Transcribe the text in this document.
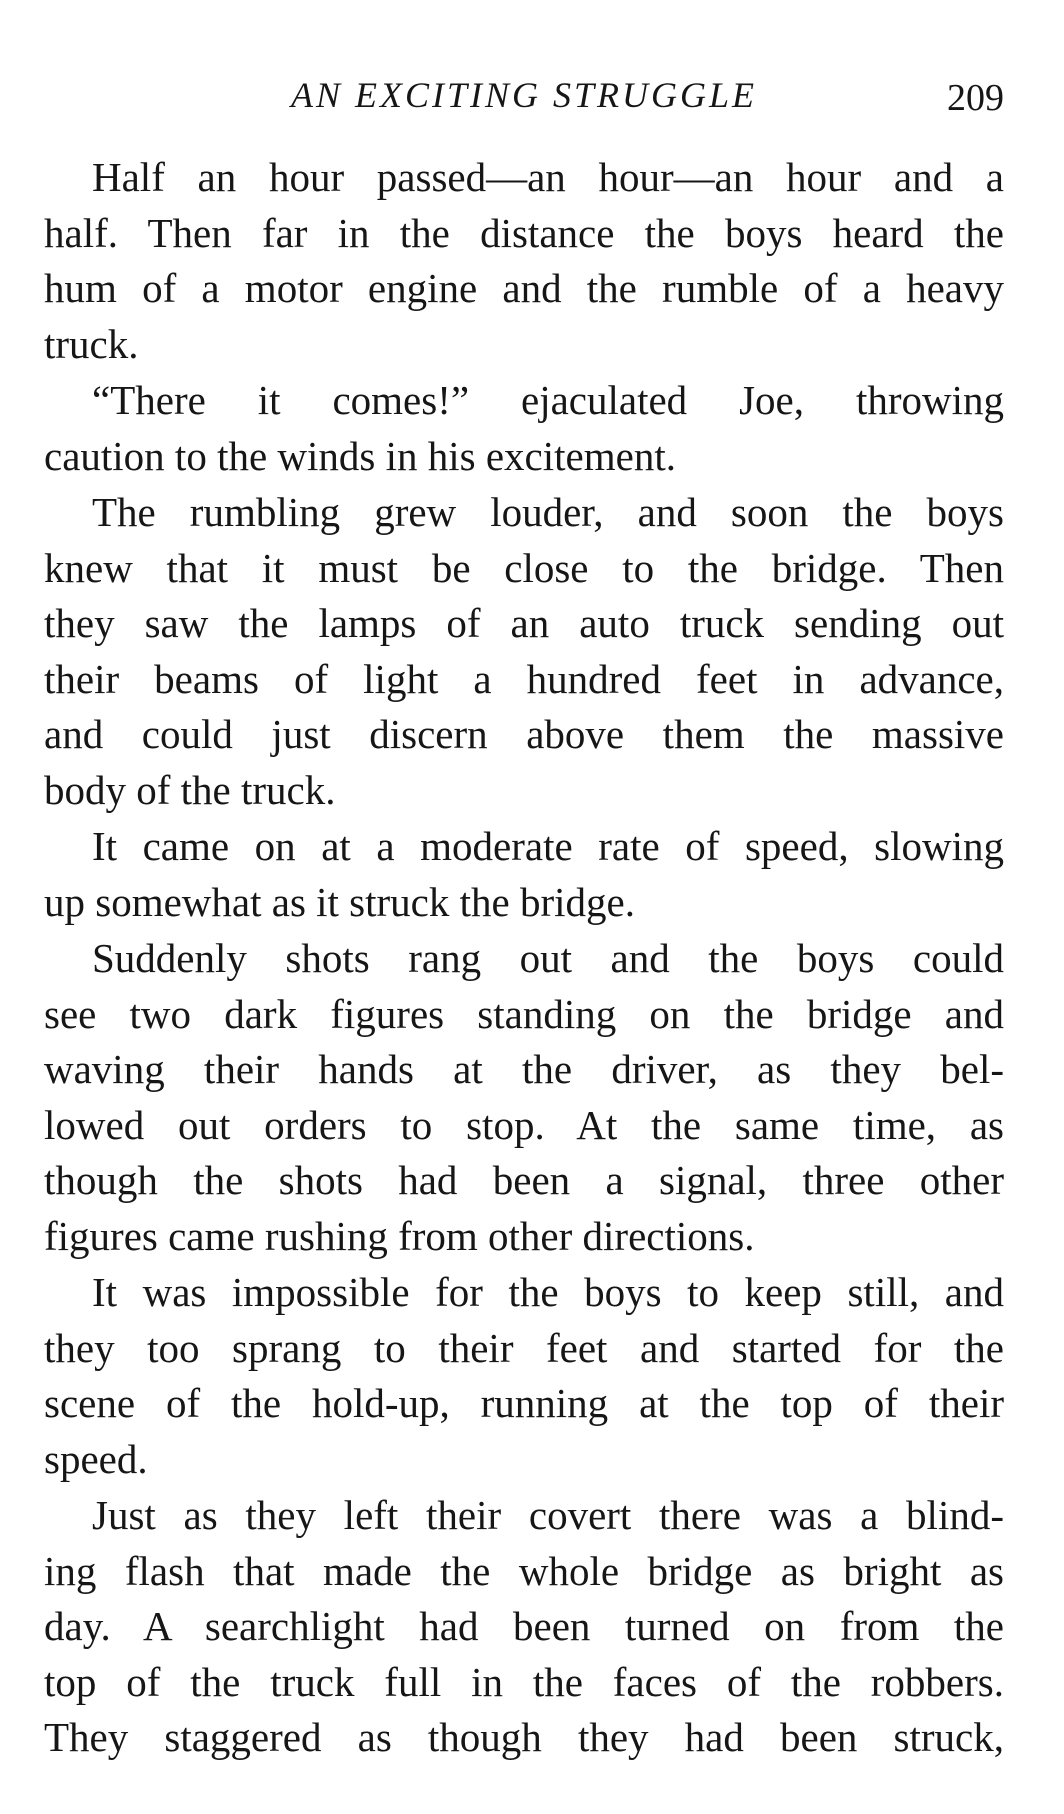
AN EXCITING STRUGGLE	209
Half an hour passed—an hour—an hour and a
half. Then far in the distance the boys heard the
hum of a motor engine and the rumble of a heavy
truck.
“There it comes!” ejaculated Joe, throwing
caution to the winds in his excitement.
The rumbling grew louder, and soon the boys
knew that it must be close to the bridge. Then
they saw the lamps of an auto truck sending out
their beams of light a hundred feet in advance,
and could just discern above them the massive
body of the truck.
It came on at a moderate rate of speed, slowing
up somewhat as it struck the bridge.
Suddenly shots rang out and the boys could
see two dark figures standing on the bridge and
waving their hands at the driver, as they bel-
lowed out orders to stop. At the same time, as
though the shots had been a signal, three other
figures came rushing from other directions.
It was impossible for the boys to keep still, and
they too sprang to their feet and started for the
scene of the hold-up, running at the top of their
speed.
Just as they left their covert there was a blind-
ing flash that made the whole bridge as bright as
day. A searchlight had been turned on from the
top of the truck full in the faces of the robbers.
They staggered as though they had been struck,
